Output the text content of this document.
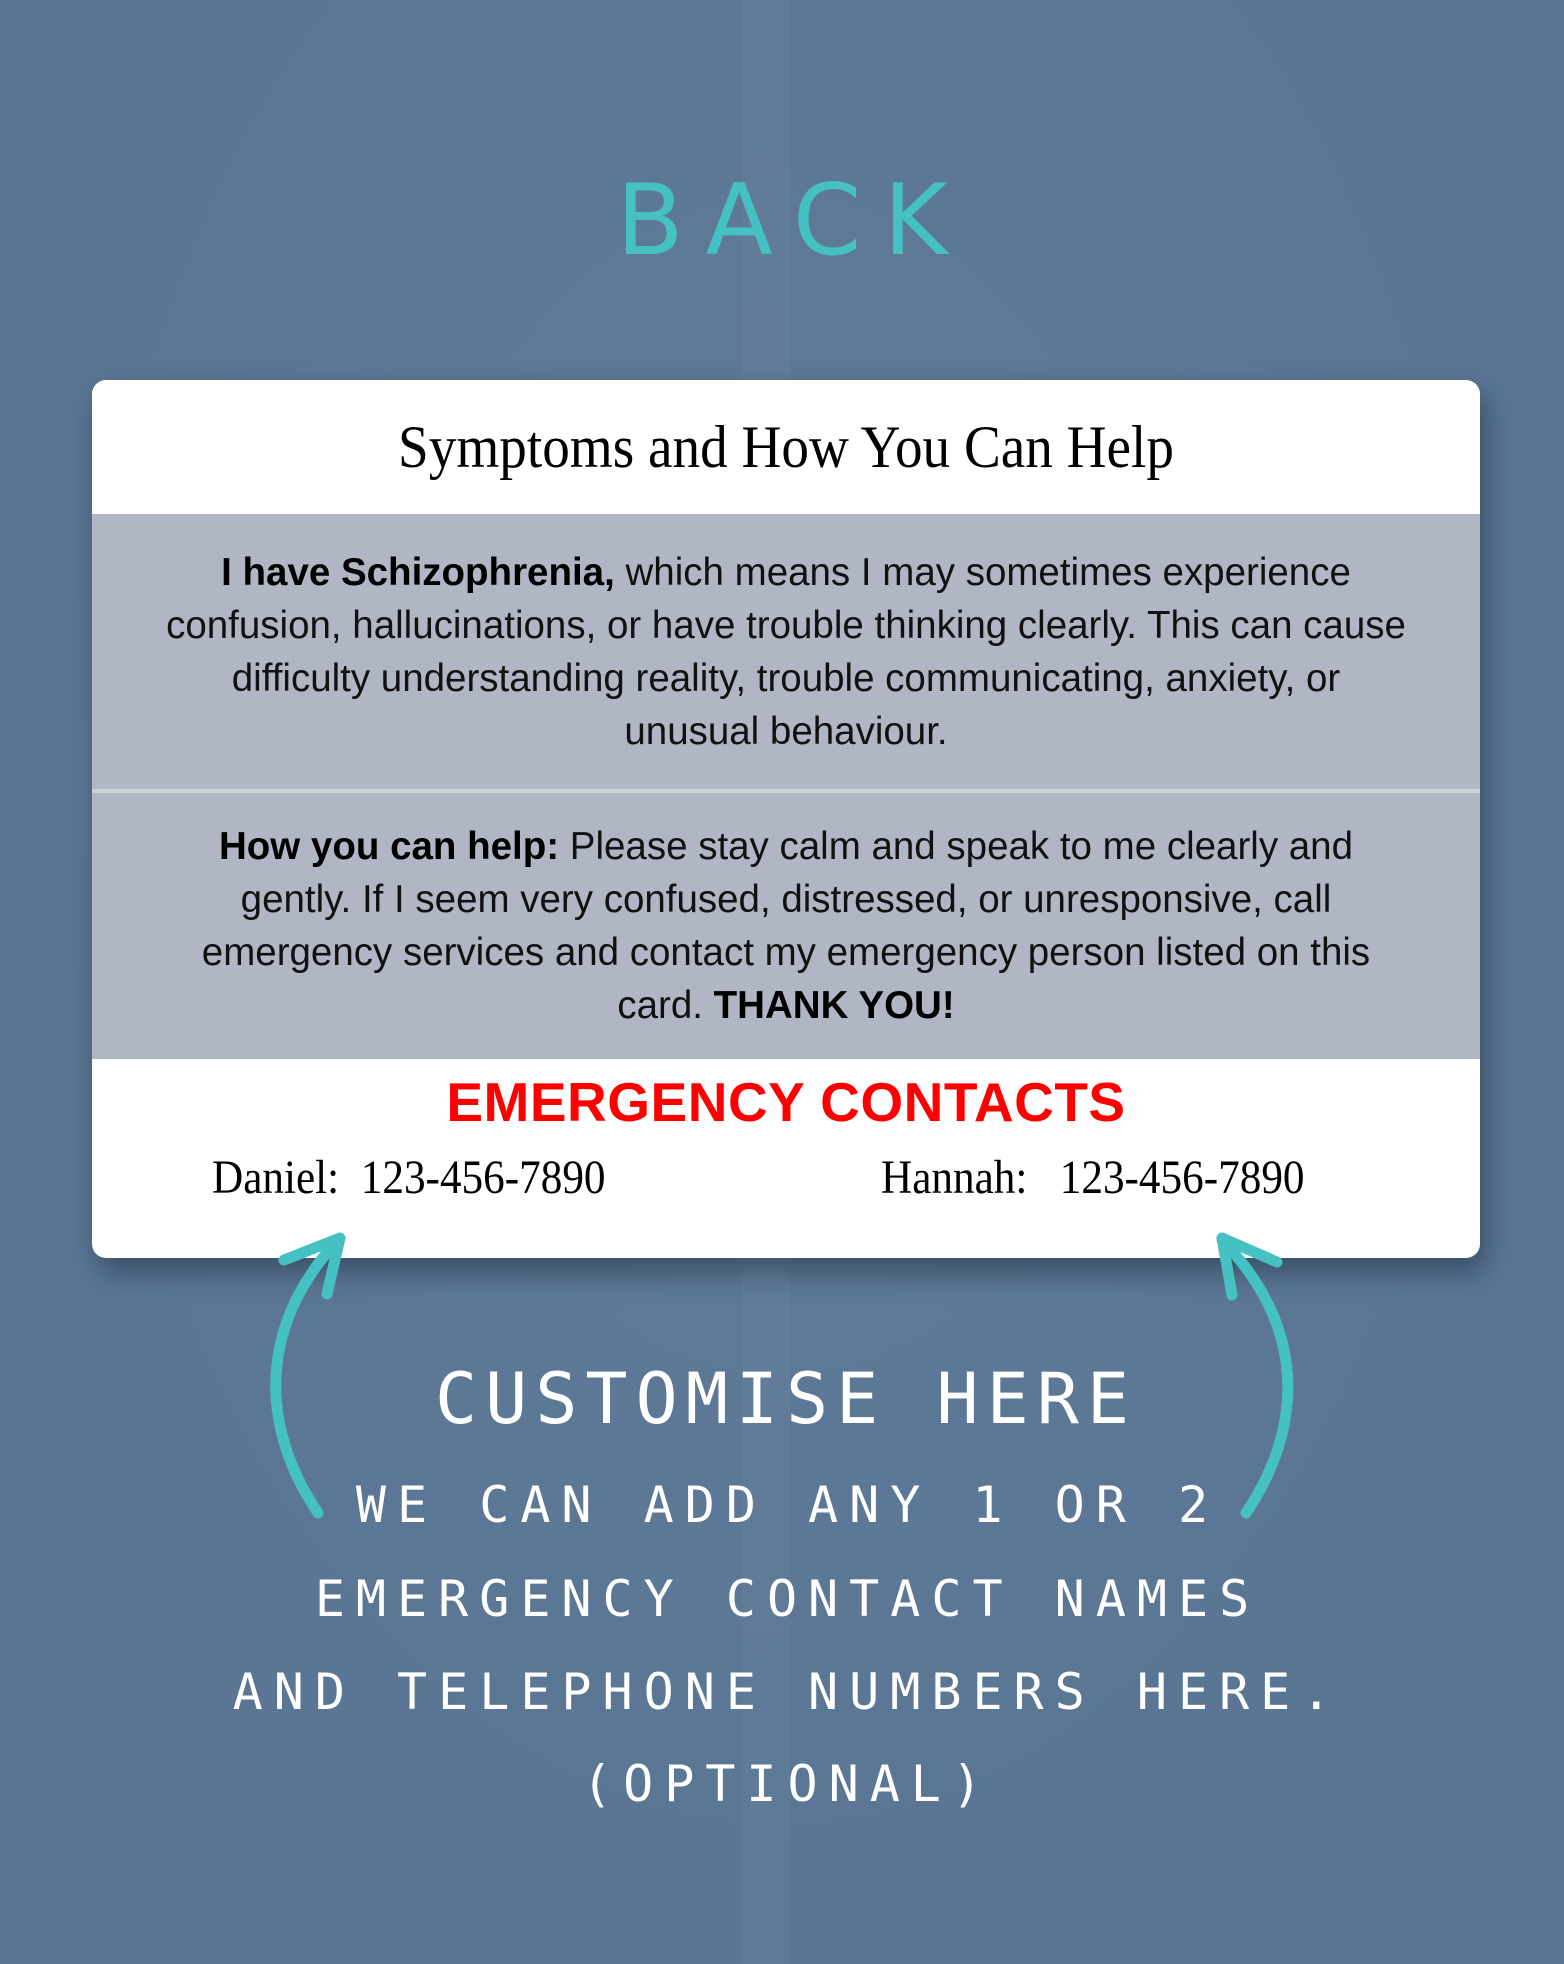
BACK
Symptoms and How You Can Help

I have Schizophrenia, which means I may sometimes experience confusion, hallucinations, or have trouble thinking clearly. This can cause difficulty understanding reality, trouble communicating, anxiety, or unusual behaviour.

How you can help: Please stay calm and speak to me clearly and gently. If I seem very confused, distressed, or unresponsive, call emergency services and contact my emergency person listed on this card. THANK YOU!

EMERGENCY CONTACTS
Daniel:  123-456-7890	Hannah:   123-456-7890
CUSTOMISE HERE
WE CAN ADD ANY 1 OR 2
EMERGENCY CONTACT NAMES
AND TELEPHONE NUMBERS HERE.
(OPTIONAL)
